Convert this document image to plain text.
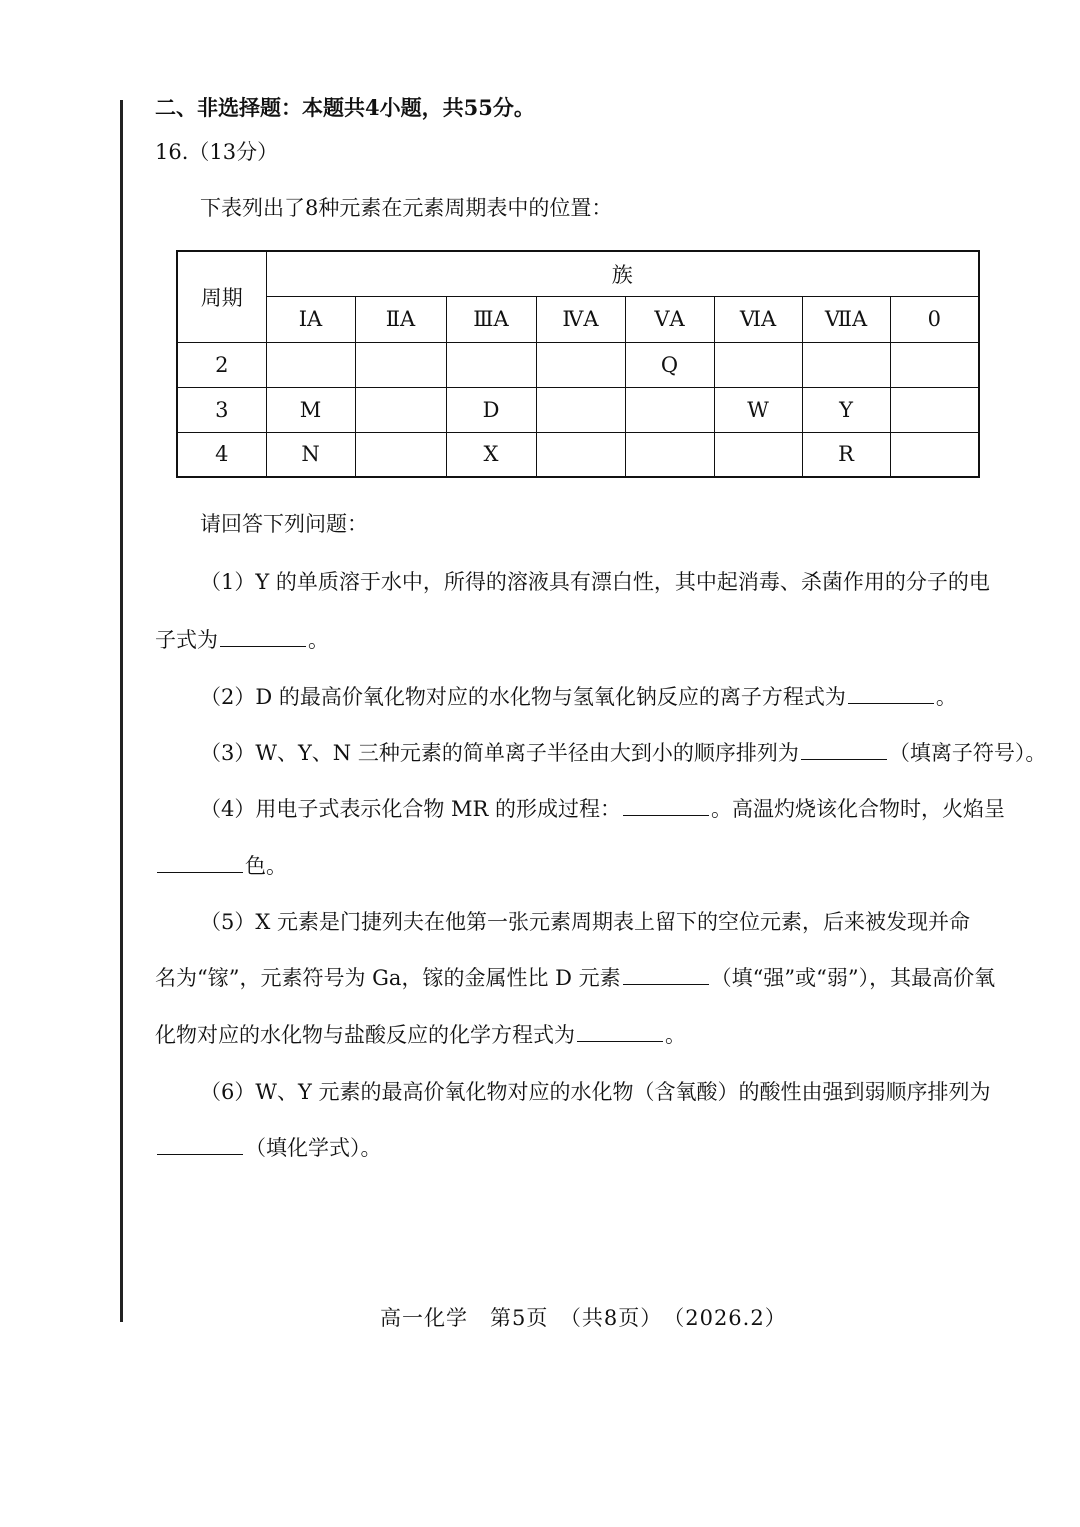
二、非选择题：本题共4小题，共55分。
16.（13分）
下表列出了8种元素在元素周期表中的位置：
周期	族							
	ⅠA	ⅡA	ⅢA	ⅣA	ⅤA	ⅥA	ⅦA	0
2					Q			
3	M		D			W	Y	
4	N		X				R	
请回答下列问题：
（1）Y 的单质溶于水中，所得的溶液具有漂白性，其中起消毒、杀菌作用的分子的电
子式为	。
（2）D 的最高价氧化物对应的水化物与氢氧化钠反应的离子方程式为	。
（3）W、Y、N 三种元素的简单离子半径由大到小的顺序排列为	（填离子符号）。
（4）用电子式表示化合物 MR 的形成过程：	。高温灼烧该化合物时，火焰呈
色。
（5）X 元素是门捷列夫在他第一张元素周期表上留下的空位元素，后来被发现并命
名为“镓”，元素符号为 Ga，镓的金属性比 D 元素	（填“强”或“弱”），其最高价氧
化物对应的水化物与盐酸反应的化学方程式为	。
（6）W、Y 元素的最高价氧化物对应的水化物（含氧酸）的酸性由强到弱顺序排列为
（填化学式）。
高一化学　第5页　（共8页）　（2026.2）
